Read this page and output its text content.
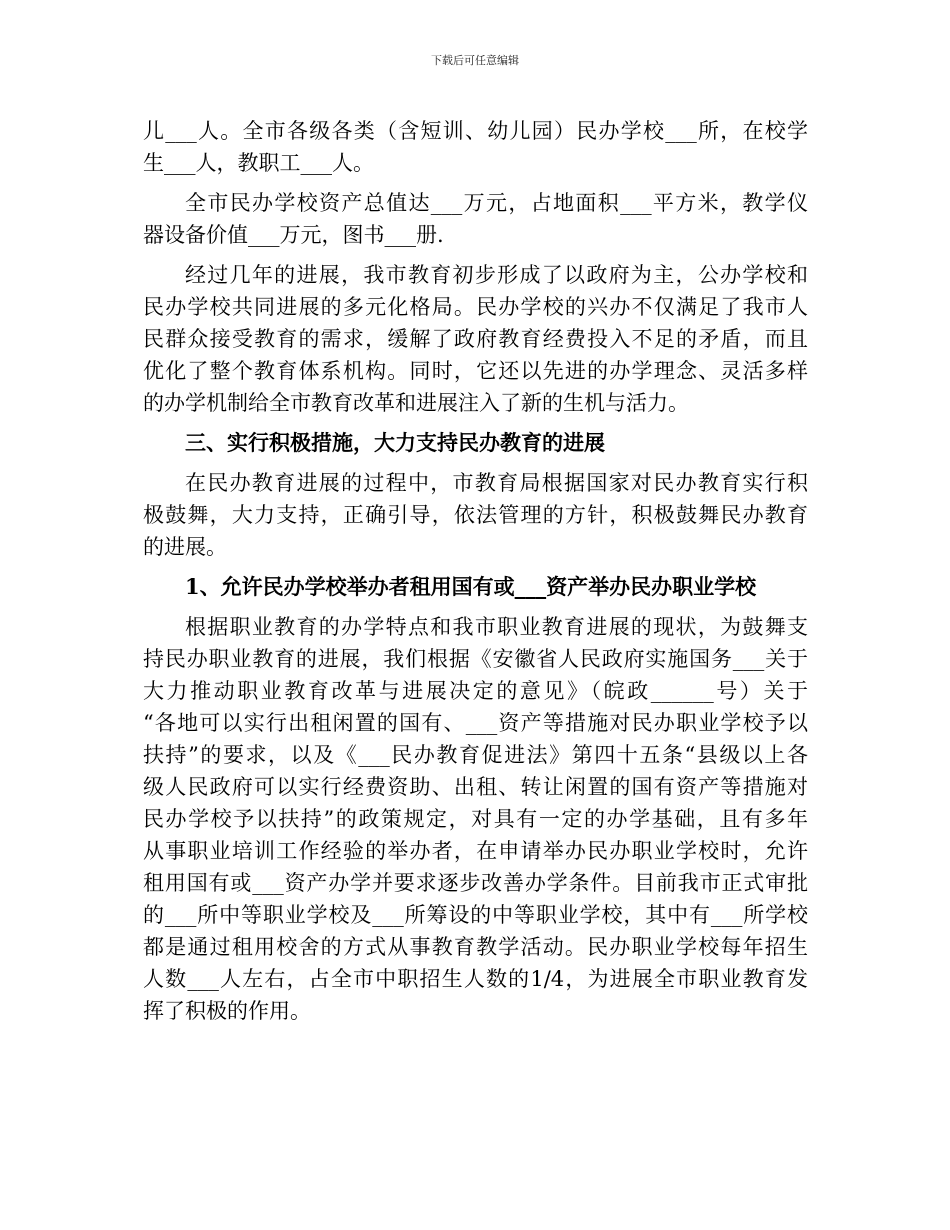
下载后可任意编辑
儿___人。全市各级各类（含短训、幼儿园）民办学校___所，在校学
生___人，教职工___人。
全市民办学校资产总值达___万元，占地面积___平方米，教学仪
器设备价值___万元，图书___册.
经过几年的进展，我市教育初步形成了以政府为主，公办学校和
民办学校共同进展的多元化格局。民办学校的兴办不仅满足了我市人
民群众接受教育的需求，缓解了政府教育经费投入不足的矛盾，而且
优化了整个教育体系机构。同时，它还以先进的办学理念、灵活多样
的办学机制给全市教育改革和进展注入了新的生机与活力。
三、实行积极措施，大力支持民办教育的进展
在民办教育进展的过程中，市教育局根据国家对民办教育实行积
极鼓舞，大力支持，正确引导，依法管理的方针，积极鼓舞民办教育
的进展。
1、允许民办学校举办者租用国有或___资产举办民办职业学校
根据职业教育的办学特点和我市职业教育进展的现状，为鼓舞支
持民办职业教育的进展，我们根据《安徽省人民政府实施国务___关于
大力推动职业教育改革与进展决定的意见》（皖政______号）关于
“各地可以实行出租闲置的国有、___资产等措施对民办职业学校予以
扶持”的要求，以及《___民办教育促进法》第四十五条“县级以上各
级人民政府可以实行经费资助、出租、转让闲置的国有资产等措施对
民办学校予以扶持”的政策规定，对具有一定的办学基础，且有多年
从事职业培训工作经验的举办者，在申请举办民办职业学校时，允许
租用国有或___资产办学并要求逐步改善办学条件。目前我市正式审批
的___所中等职业学校及___所筹设的中等职业学校，其中有___所学校
都是通过租用校舍的方式从事教育教学活动。民办职业学校每年招生
人数___人左右，占全市中职招生人数的1/4，为进展全市职业教育发
挥了积极的作用。
